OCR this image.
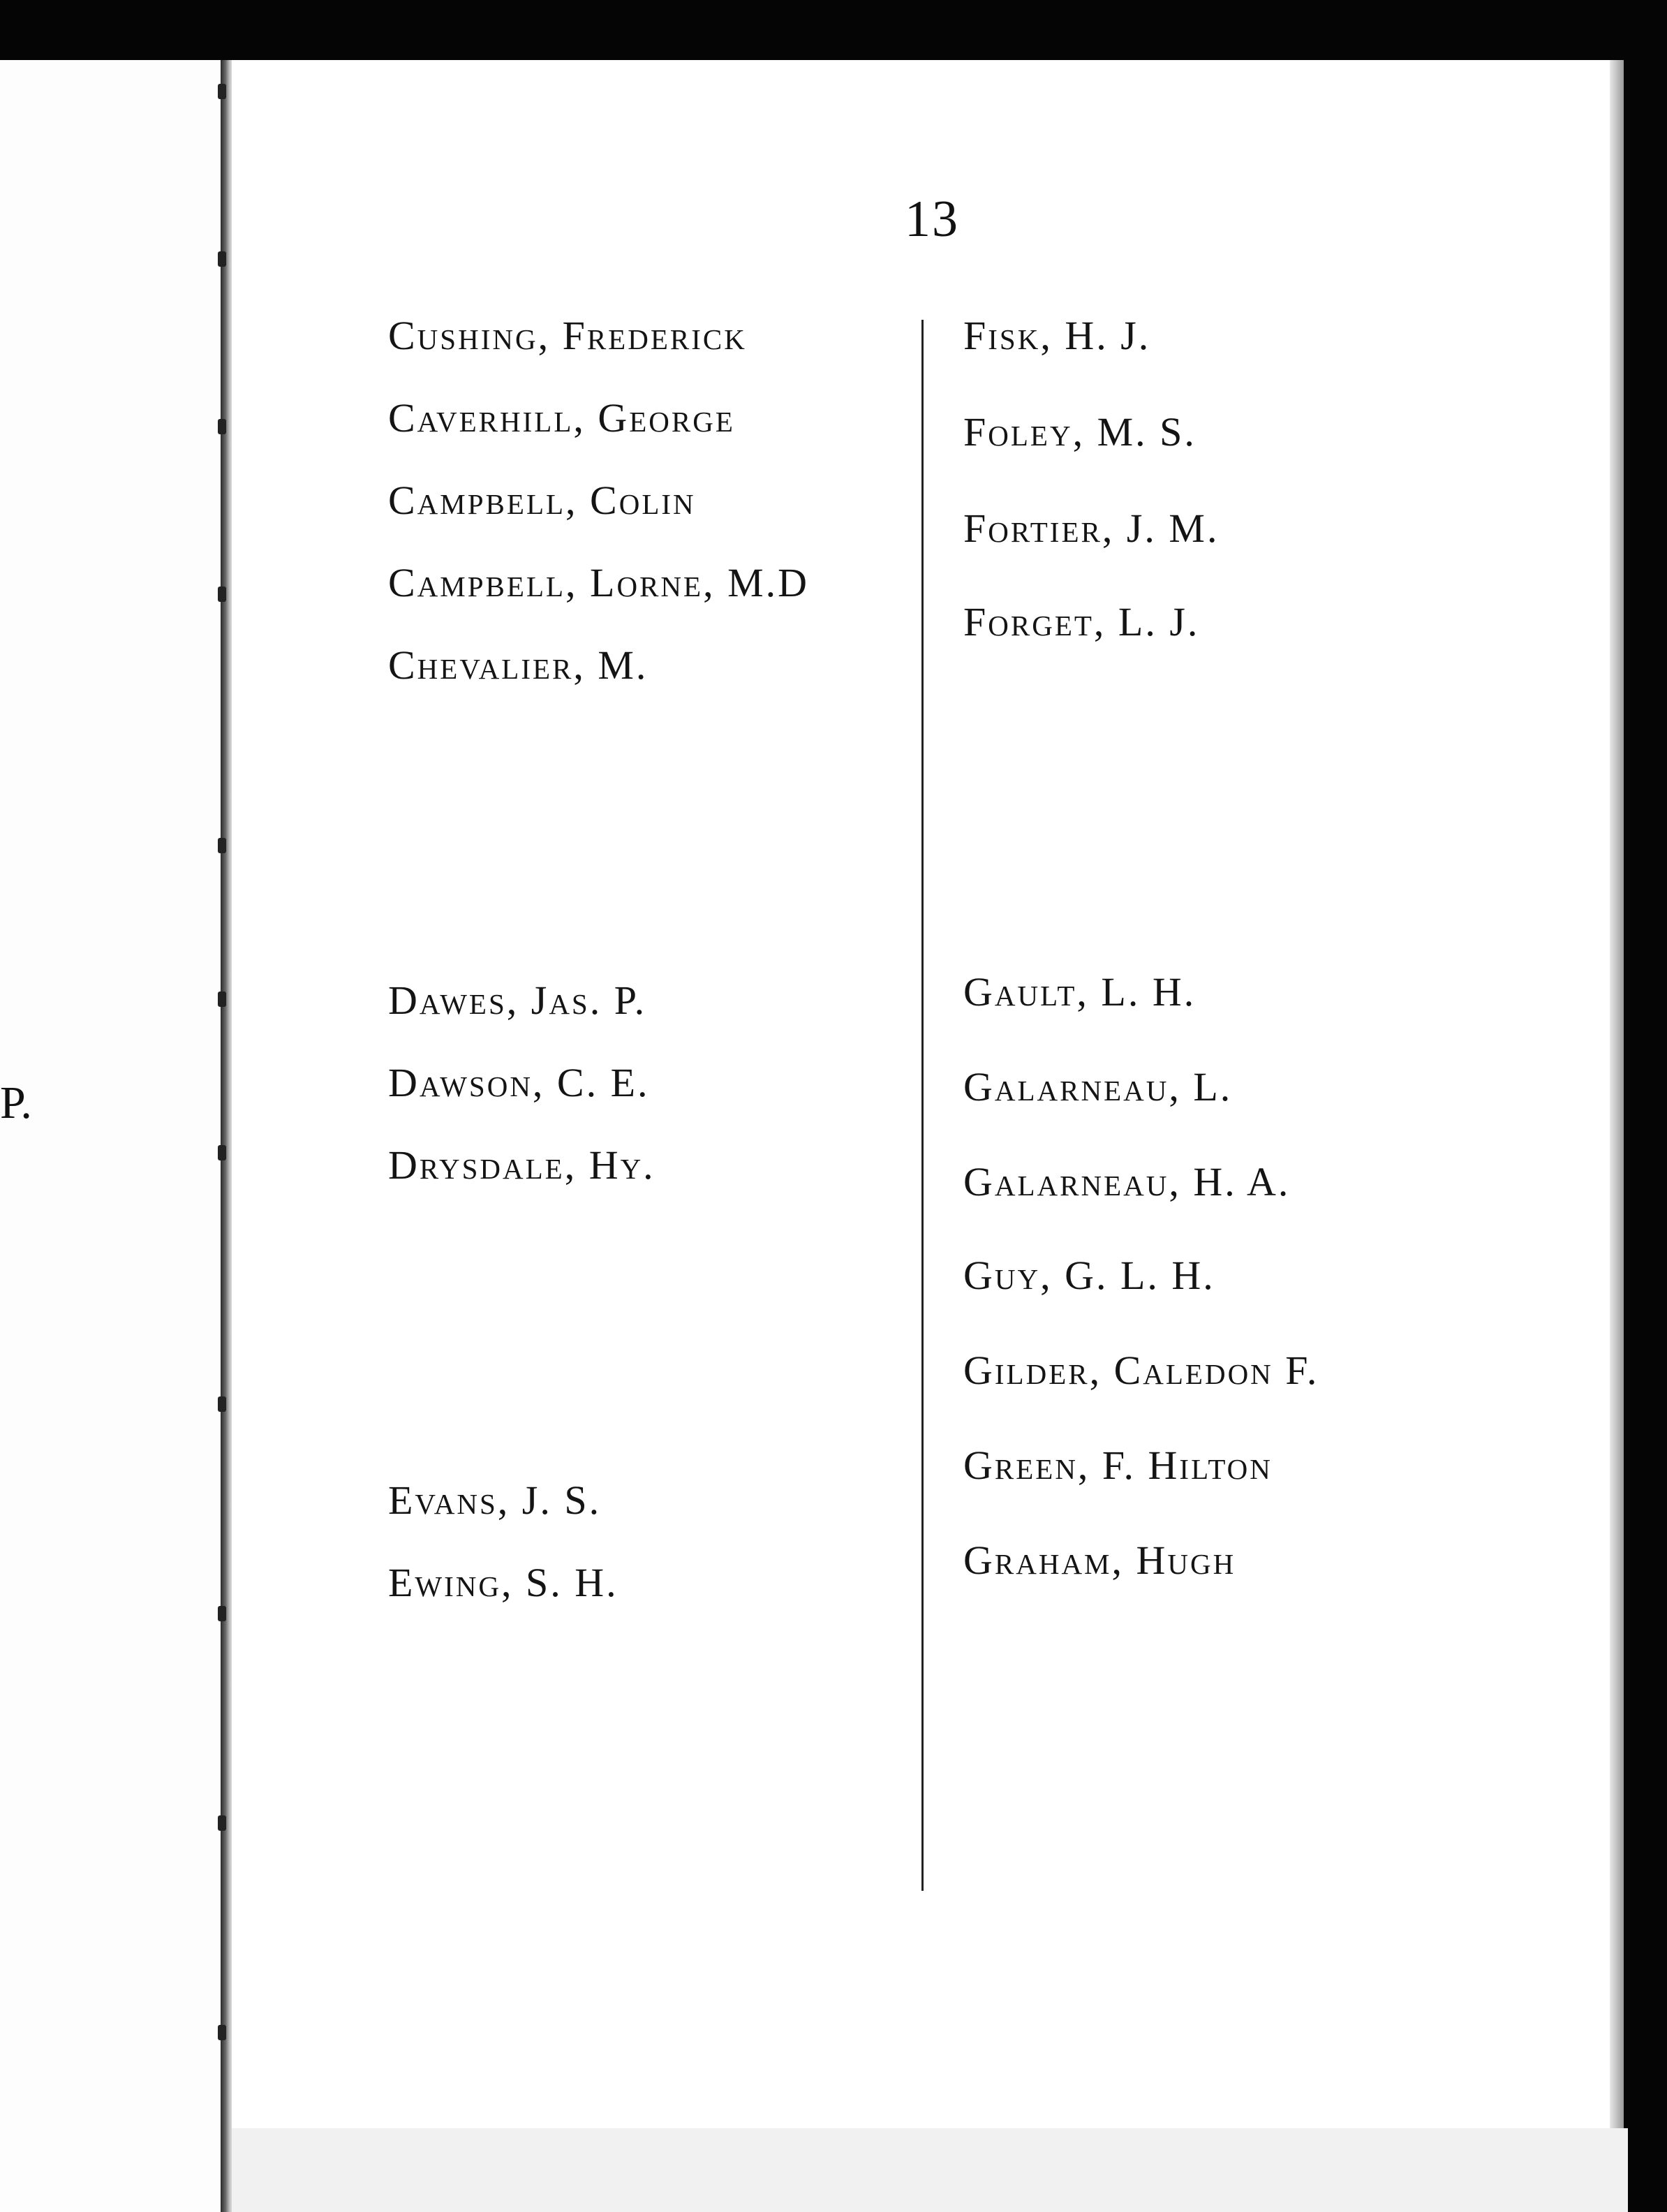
P.
13
Cushing, Frederick
Caverhill, George
Campbell, Colin
Campbell, Lorne, M.D
Chevalier, M.
Dawes, Jas. P.
Dawson, C. E.
Drysdale, Hy.
Evans, J. S.
Ewing, S. H.
Fisk, H. J.
Foley, M. S.
Fortier, J. M.
Forget, L. J.
Gault, L. H.
Galarneau, L.
Galarneau, H. A.
Guy, G. L. H.
Gilder, Caledon F.
Green, F. Hilton
Graham, Hugh
